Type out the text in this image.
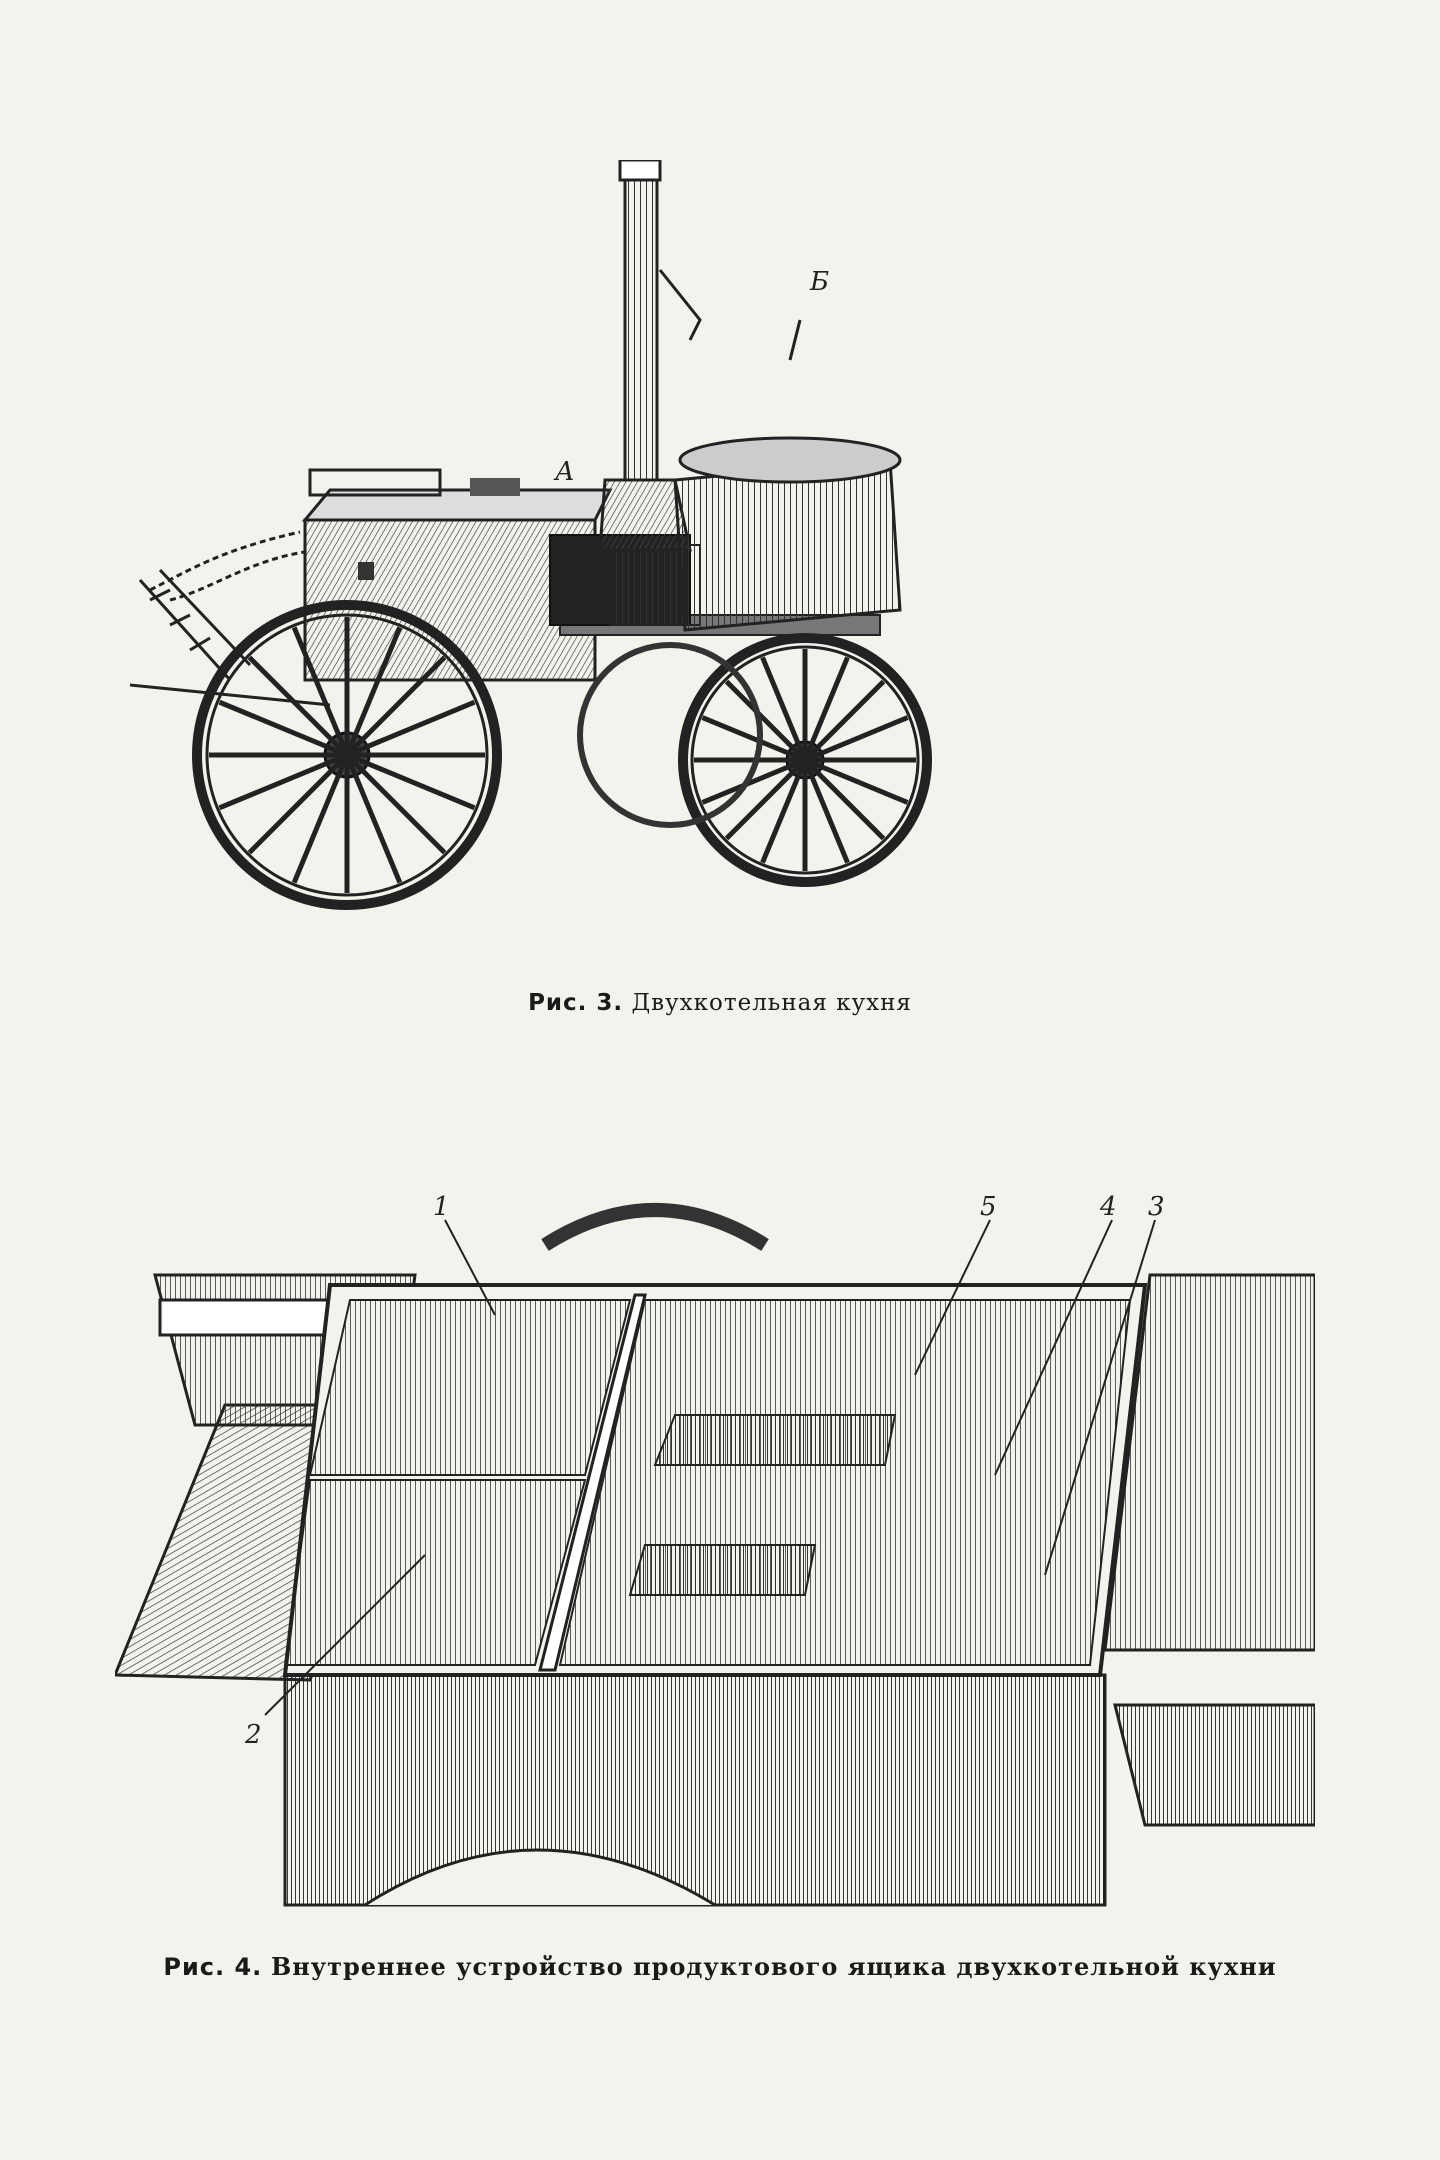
А
Б
Рис. 3. Двухкотельная кухня
1
2
5	4 3
Рис. 4. Внутреннее устройство продуктового ящика двухкотельной кухни
